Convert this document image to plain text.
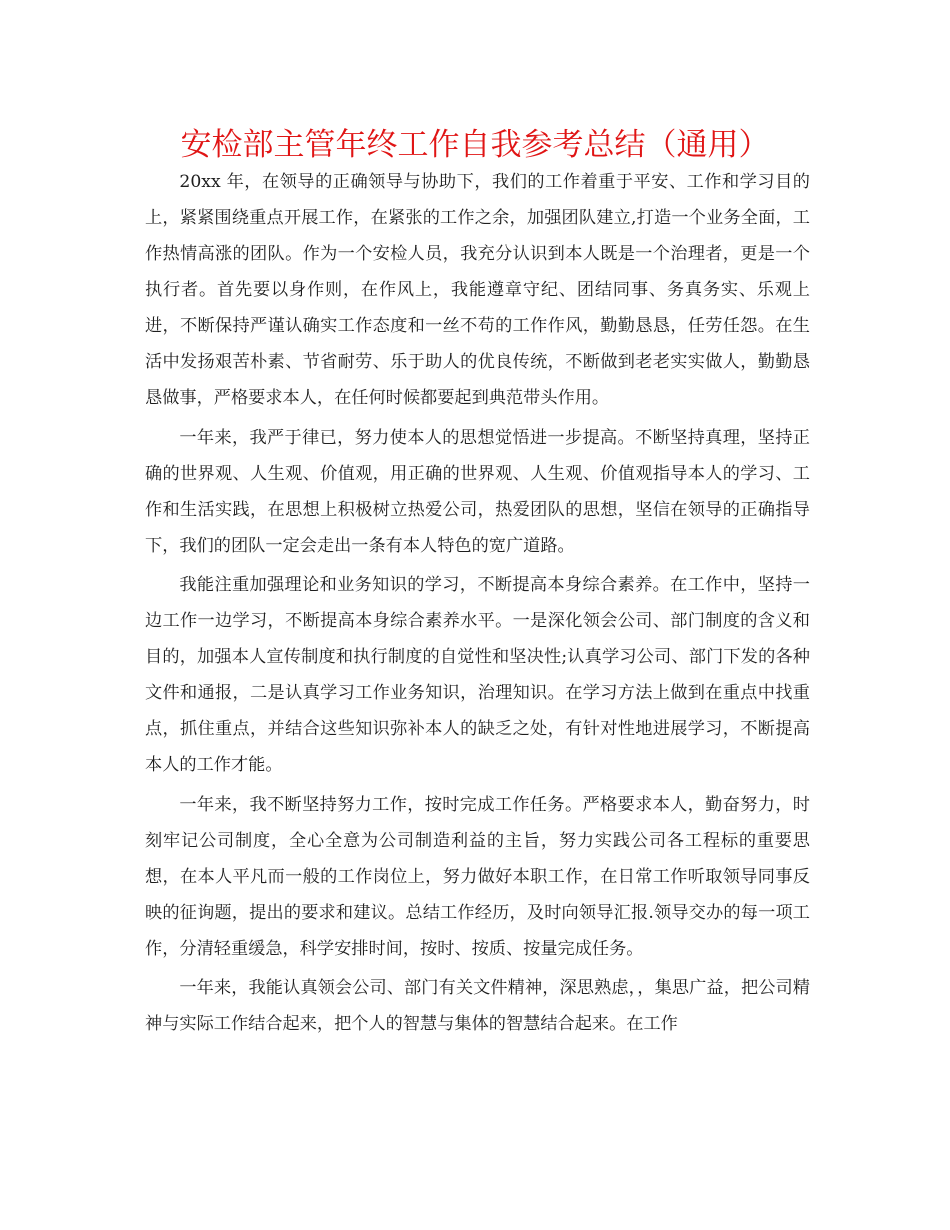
安检部主管年终工作自我参考总结（通用）

20xx 年，在领导的正确领导与协助下，我们的工作着重于平安、工作和学习目的上，紧紧围绕重点开展工作，在紧张的工作之余，加强团队建立,打造一个业务全面，工作热情高涨的团队。作为一个安检人员，我充分认识到本人既是一个治理者，更是一个执行者。首先要以身作则，在作风上，我能遵章守纪、团结同事、务真务实、乐观上进，不断保持严谨认确实工作态度和一丝不苟的工作作风，勤勤恳恳，任劳任怨。在生活中发扬艰苦朴素、节省耐劳、乐于助人的优良传统，不断做到老老实实做人，勤勤恳恳做事，严格要求本人，在任何时候都要起到典范带头作用。

一年来，我严于律已，努力使本人的思想觉悟进一步提高。不断坚持真理，坚持正确的世界观、人生观、价值观，用正确的世界观、人生观、价值观指导本人的学习、工作和生活实践，在思想上积极树立热爱公司，热爱团队的思想，坚信在领导的正确指导下，我们的团队一定会走出一条有本人特色的宽广道路。

我能注重加强理论和业务知识的学习，不断提高本身综合素养。在工作中，坚持一边工作一边学习，不断提高本身综合素养水平。一是深化领会公司、部门制度的含义和目的，加强本人宣传制度和执行制度的自觉性和坚决性;认真学习公司、部门下发的各种文件和通报，二是认真学习工作业务知识，治理知识。在学习方法上做到在重点中找重点，抓住重点，并结合这些知识弥补本人的缺乏之处，有针对性地进展学习，不断提高本人的工作才能。

一年来，我不断坚持努力工作，按时完成工作任务。严格要求本人，勤奋努力，时刻牢记公司制度，全心全意为公司制造利益的主旨，努力实践公司各工程标的重要思想，在本人平凡而一般的工作岗位上，努力做好本职工作，在日常工作听取领导同事反映的征询题，提出的要求和建议。总结工作经历，及时向领导汇报.领导交办的每一项工作，分清轻重缓急，科学安排时间，按时、按质、按量完成任务。

一年来，我能认真领会公司、部门有关文件精神，深思熟虑，，集思广益，把公司精神与实际工作结合起来，把个人的智慧与集体的智慧结合起来。在工作
